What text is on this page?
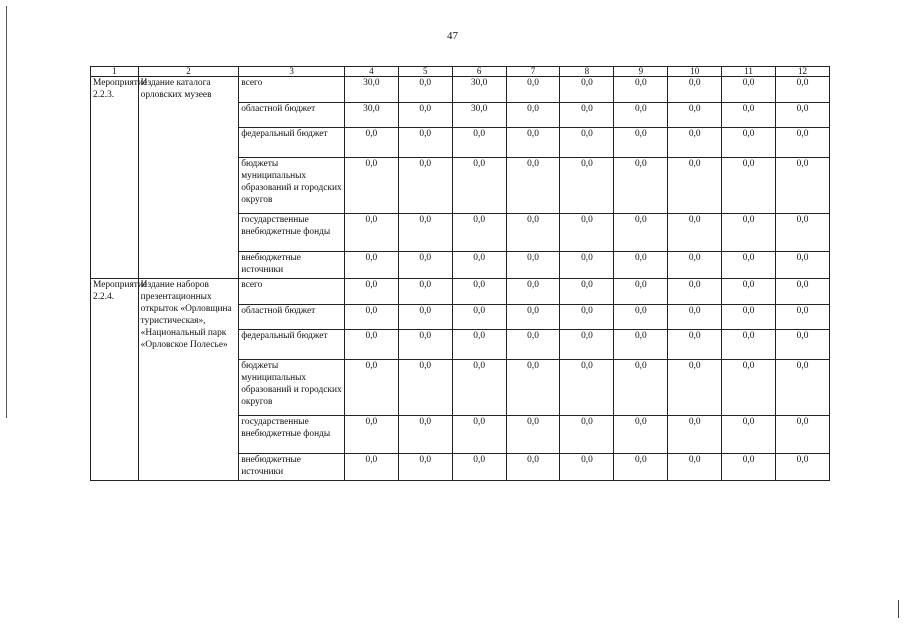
47
1	2	3	4	5	6	7	8	9	10	11	12
Мероприятие 2.2.3.	Издание каталога орловских музеев	всего	30,0	0,0	30,0	0,0	0,0	0,0	0,0	0,0	0,0
		областной бюджет	30,0	0,0	30,0	0,0	0,0	0,0	0,0	0,0	0,0
		федеральный бюджет	0,0	0,0	0,0	0,0	0,0	0,0	0,0	0,0	0,0
		бюджеты муниципальных образований и городских округов	0,0	0,0	0,0	0,0	0,0	0,0	0,0	0,0	0,0
		государственные внебюджетные фонды	0,0	0,0	0,0	0,0	0,0	0,0	0,0	0,0	0,0
		внебюджетные источники	0,0	0,0	0,0	0,0	0,0	0,0	0,0	0,0	0,0
Мероприятие 2.2.4.	Издание наборов презентационных открыток «Орловщина туристическая», «Национальный парк «Орловское Полесье»	всего	0,0	0,0	0,0	0,0	0,0	0,0	0,0	0,0	0,0
		областной бюджет	0,0	0,0	0,0	0,0	0,0	0,0	0,0	0,0	0,0
		федеральный бюджет	0,0	0,0	0,0	0,0	0,0	0,0	0,0	0,0	0,0
		бюджеты муниципальных образований и городских округов	0,0	0,0	0,0	0,0	0,0	0,0	0,0	0,0	0,0
		государственные внебюджетные фонды	0,0	0,0	0,0	0,0	0,0	0,0	0,0	0,0	0,0
		внебюджетные источники	0,0	0,0	0,0	0,0	0,0	0,0	0,0	0,0	0,0
